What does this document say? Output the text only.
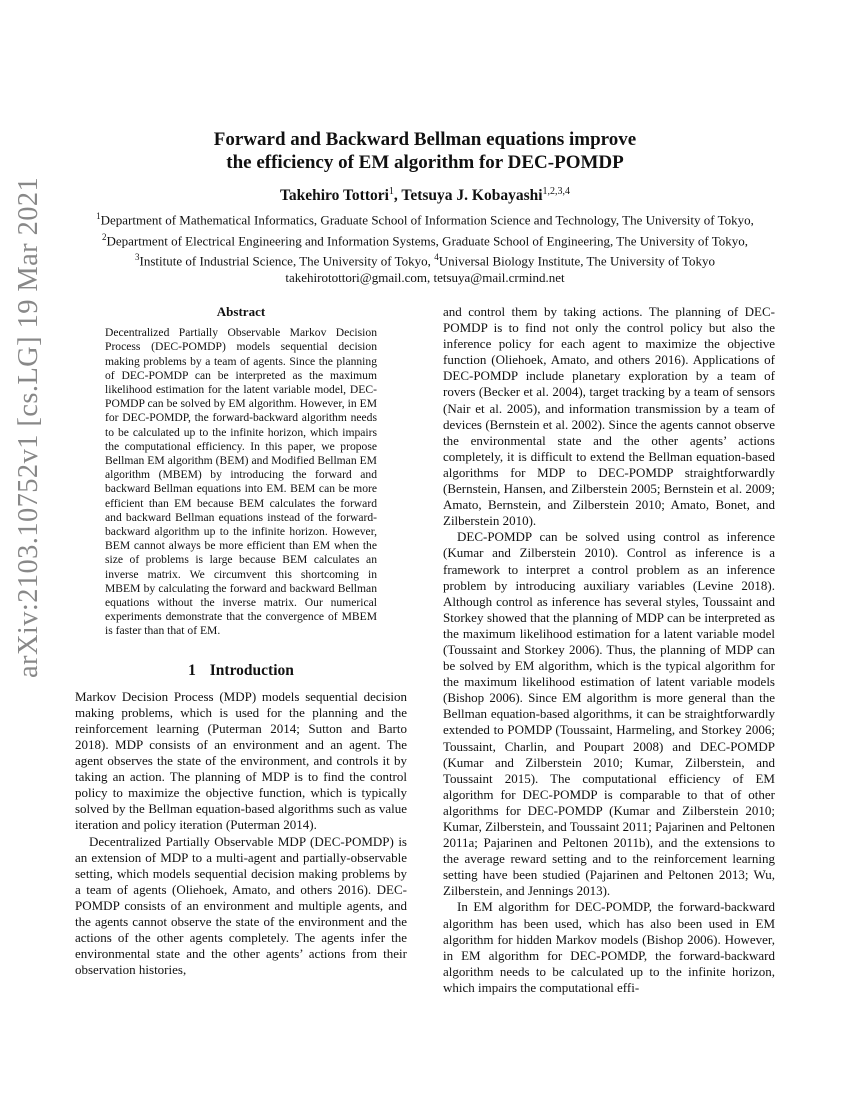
arXiv:2103.10752v1 [cs.LG] 19 Mar 2021
Forward and Backward Bellman equations improve
the efficiency of EM algorithm for DEC-POMDP
Takehiro Tottori$^1$, Tetsuya J. Kobayashi$^{1,2,3,4}$
$^1$Department of Mathematical Informatics, Graduate School of Information Science and Technology, The University of Tokyo,
$^2$Department of Electrical Engineering and Information Systems, Graduate School of Engineering, The University of Tokyo,
$^3$Institute of Industrial Science, The University of Tokyo, $^4$Universal Biology Institute, The University of Tokyo
takehirotottori@gmail.com, tetsuya@mail.crmind.net
Abstract

Decentralized Partially Observable Markov Decision Process (DEC-POMDP) models sequential decision making problems by a team of agents. Since the planning of DEC-POMDP can be interpreted as the maximum likelihood estimation for the latent variable model, DEC-POMDP can be solved by EM algorithm. However, in EM for DEC-POMDP, the forward-backward algorithm needs to be calculated up to the infinite horizon, which impairs the computational efficiency. In this paper, we propose Bellman EM algorithm (BEM) and Modified Bellman EM algorithm (MBEM) by introducing the forward and backward Bellman equations into EM. BEM can be more efficient than EM because BEM calculates the forward and backward Bellman equations instead of the forward-backward algorithm up to the infinite horizon. However, BEM cannot always be more efficient than EM when the size of problems is large because BEM calculates an inverse matrix. We circumvent this shortcoming in MBEM by calculating the forward and backward Bellman equations without the inverse matrix. Our numerical experiments demonstrate that the convergence of MBEM is faster than that of EM.

1 Introduction

Markov Decision Process (MDP) models sequential decision making problems, which is used for the planning and the reinforcement learning (Puterman 2014; Sutton and Barto 2018). MDP consists of an environment and an agent. The agent observes the state of the environment, and controls it by taking an action. The planning of MDP is to find the control policy to maximize the objective function, which is typically solved by the Bellman equation-based algorithms such as value iteration and policy iteration (Puterman 2014).

Decentralized Partially Observable MDP (DEC-POMDP) is an extension of MDP to a multi-agent and partially-observable setting, which models sequential decision making problems by a team of agents (Oliehoek, Amato, and others 2016). DEC-POMDP consists of an environment and multiple agents, and the agents cannot observe the state of the environment and the actions of the other agents completely. The agents infer the environmental state and the other agents’ actions from their observation histories,

and control them by taking actions. The planning of DEC-POMDP is to find not only the control policy but also the inference policy for each agent to maximize the objective function (Oliehoek, Amato, and others 2016). Applications of DEC-POMDP include planetary exploration by a team of rovers (Becker et al. 2004), target tracking by a team of sensors (Nair et al. 2005), and information transmission by a team of devices (Bernstein et al. 2002). Since the agents cannot observe the environmental state and the other agents’ actions completely, it is difficult to extend the Bellman equation-based algorithms for MDP to DEC-POMDP straightforwardly (Bernstein, Hansen, and Zilberstein 2005; Bernstein et al. 2009; Amato, Bernstein, and Zilberstein 2010; Amato, Bonet, and Zilberstein 2010).

DEC-POMDP can be solved using control as inference (Kumar and Zilberstein 2010). Control as inference is a framework to interpret a control problem as an inference problem by introducing auxiliary variables (Levine 2018). Although control as inference has several styles, Toussaint and Storkey showed that the planning of MDP can be interpreted as the maximum likelihood estimation for a latent variable model (Toussaint and Storkey 2006). Thus, the planning of MDP can be solved by EM algorithm, which is the typical algorithm for the maximum likelihood estimation of latent variable models (Bishop 2006). Since EM algorithm is more general than the Bellman equation-based algorithms, it can be straightforwardly extended to POMDP (Toussaint, Harmeling, and Storkey 2006; Toussaint, Charlin, and Poupart 2008) and DEC-POMDP (Kumar and Zilberstein 2010; Kumar, Zilberstein, and Toussaint 2015). The computational efficiency of EM algorithm for DEC-POMDP is comparable to that of other algorithms for DEC-POMDP (Kumar and Zilberstein 2010; Kumar, Zilberstein, and Toussaint 2011; Pajarinen and Peltonen 2011a; Pajarinen and Peltonen 2011b), and the extensions to the average reward setting and to the reinforcement learning setting have been studied (Pajarinen and Peltonen 2013; Wu, Zilberstein, and Jennings 2013).

In EM algorithm for DEC-POMDP, the forward-backward algorithm has been used, which has also been used in EM algorithm for hidden Markov models (Bishop 2006). However, in EM algorithm for DEC-POMDP, the forward-backward algorithm needs to be calculated up to the infinite horizon, which impairs the computational effi-
